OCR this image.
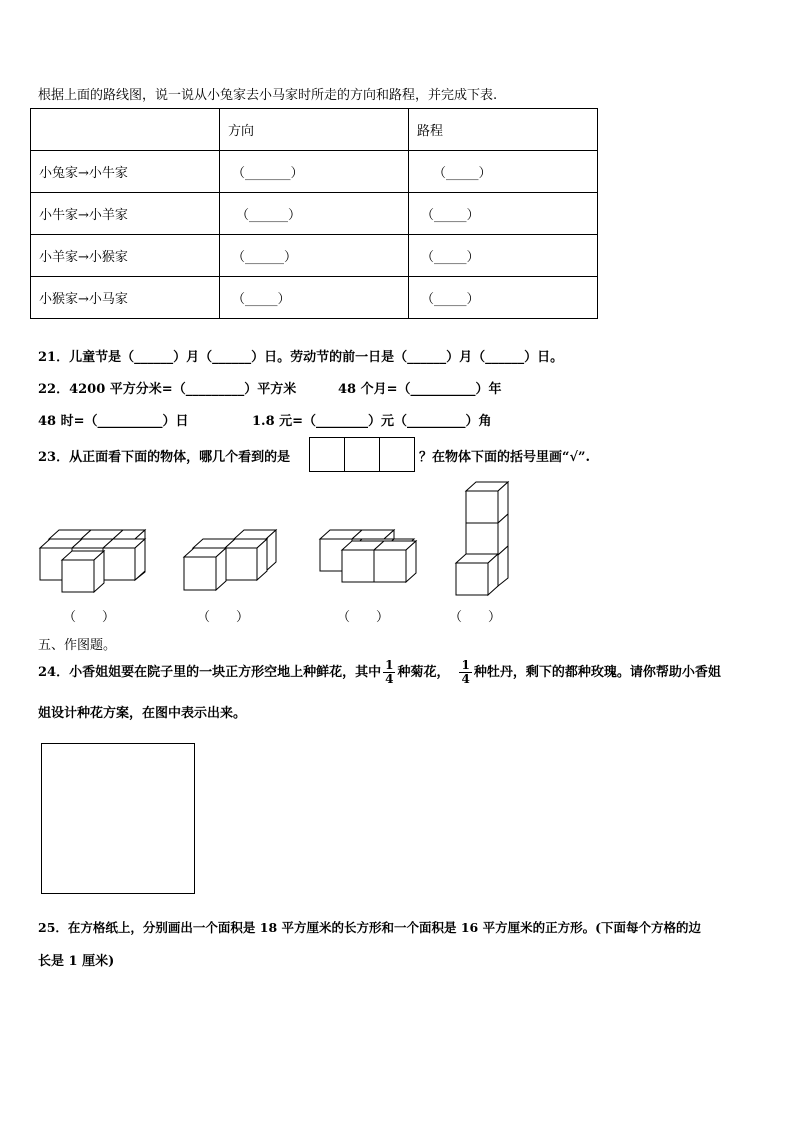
根据上面的路线图，说一说从小兔家去小马家时所走的方向和路程，并完成下表.
	方向	路程
小兔家→小牛家	（_______）	（_____）
小牛家→小羊家	（______）	（_____）
小羊家→小猴家	（______）	（_____）
小猴家→小马家	（_____）	（_____）
21．儿童节是（______）月（______）日。劳动节的前一日是（______）月（______）日。
22．4200 平方分米=（_________）平方米	48 个月=（__________）年
48 时=（__________）日	1.8 元=（________）元（_________）角
23．从正面看下面的物体，哪几个看到的是	？在物体下面的括号里画“√”.
（　　）	（　　）	（　　）	（　　）
五、作图题。
24．小香姐姐要在院子里的一块正方形空地上种鲜花，其中 $\frac{1}{4}$ 种菊花， $\frac{1}{4}$ 种牡丹，剩下的都种玫瑰。请你帮助小香姐
姐设计种花方案，在图中表示出来。
25．在方格纸上，分别画出一个面积是 18 平方厘米的长方形和一个面积是 16 平方厘米的正方形。(下面每个方格的边
长是 1 厘米)
